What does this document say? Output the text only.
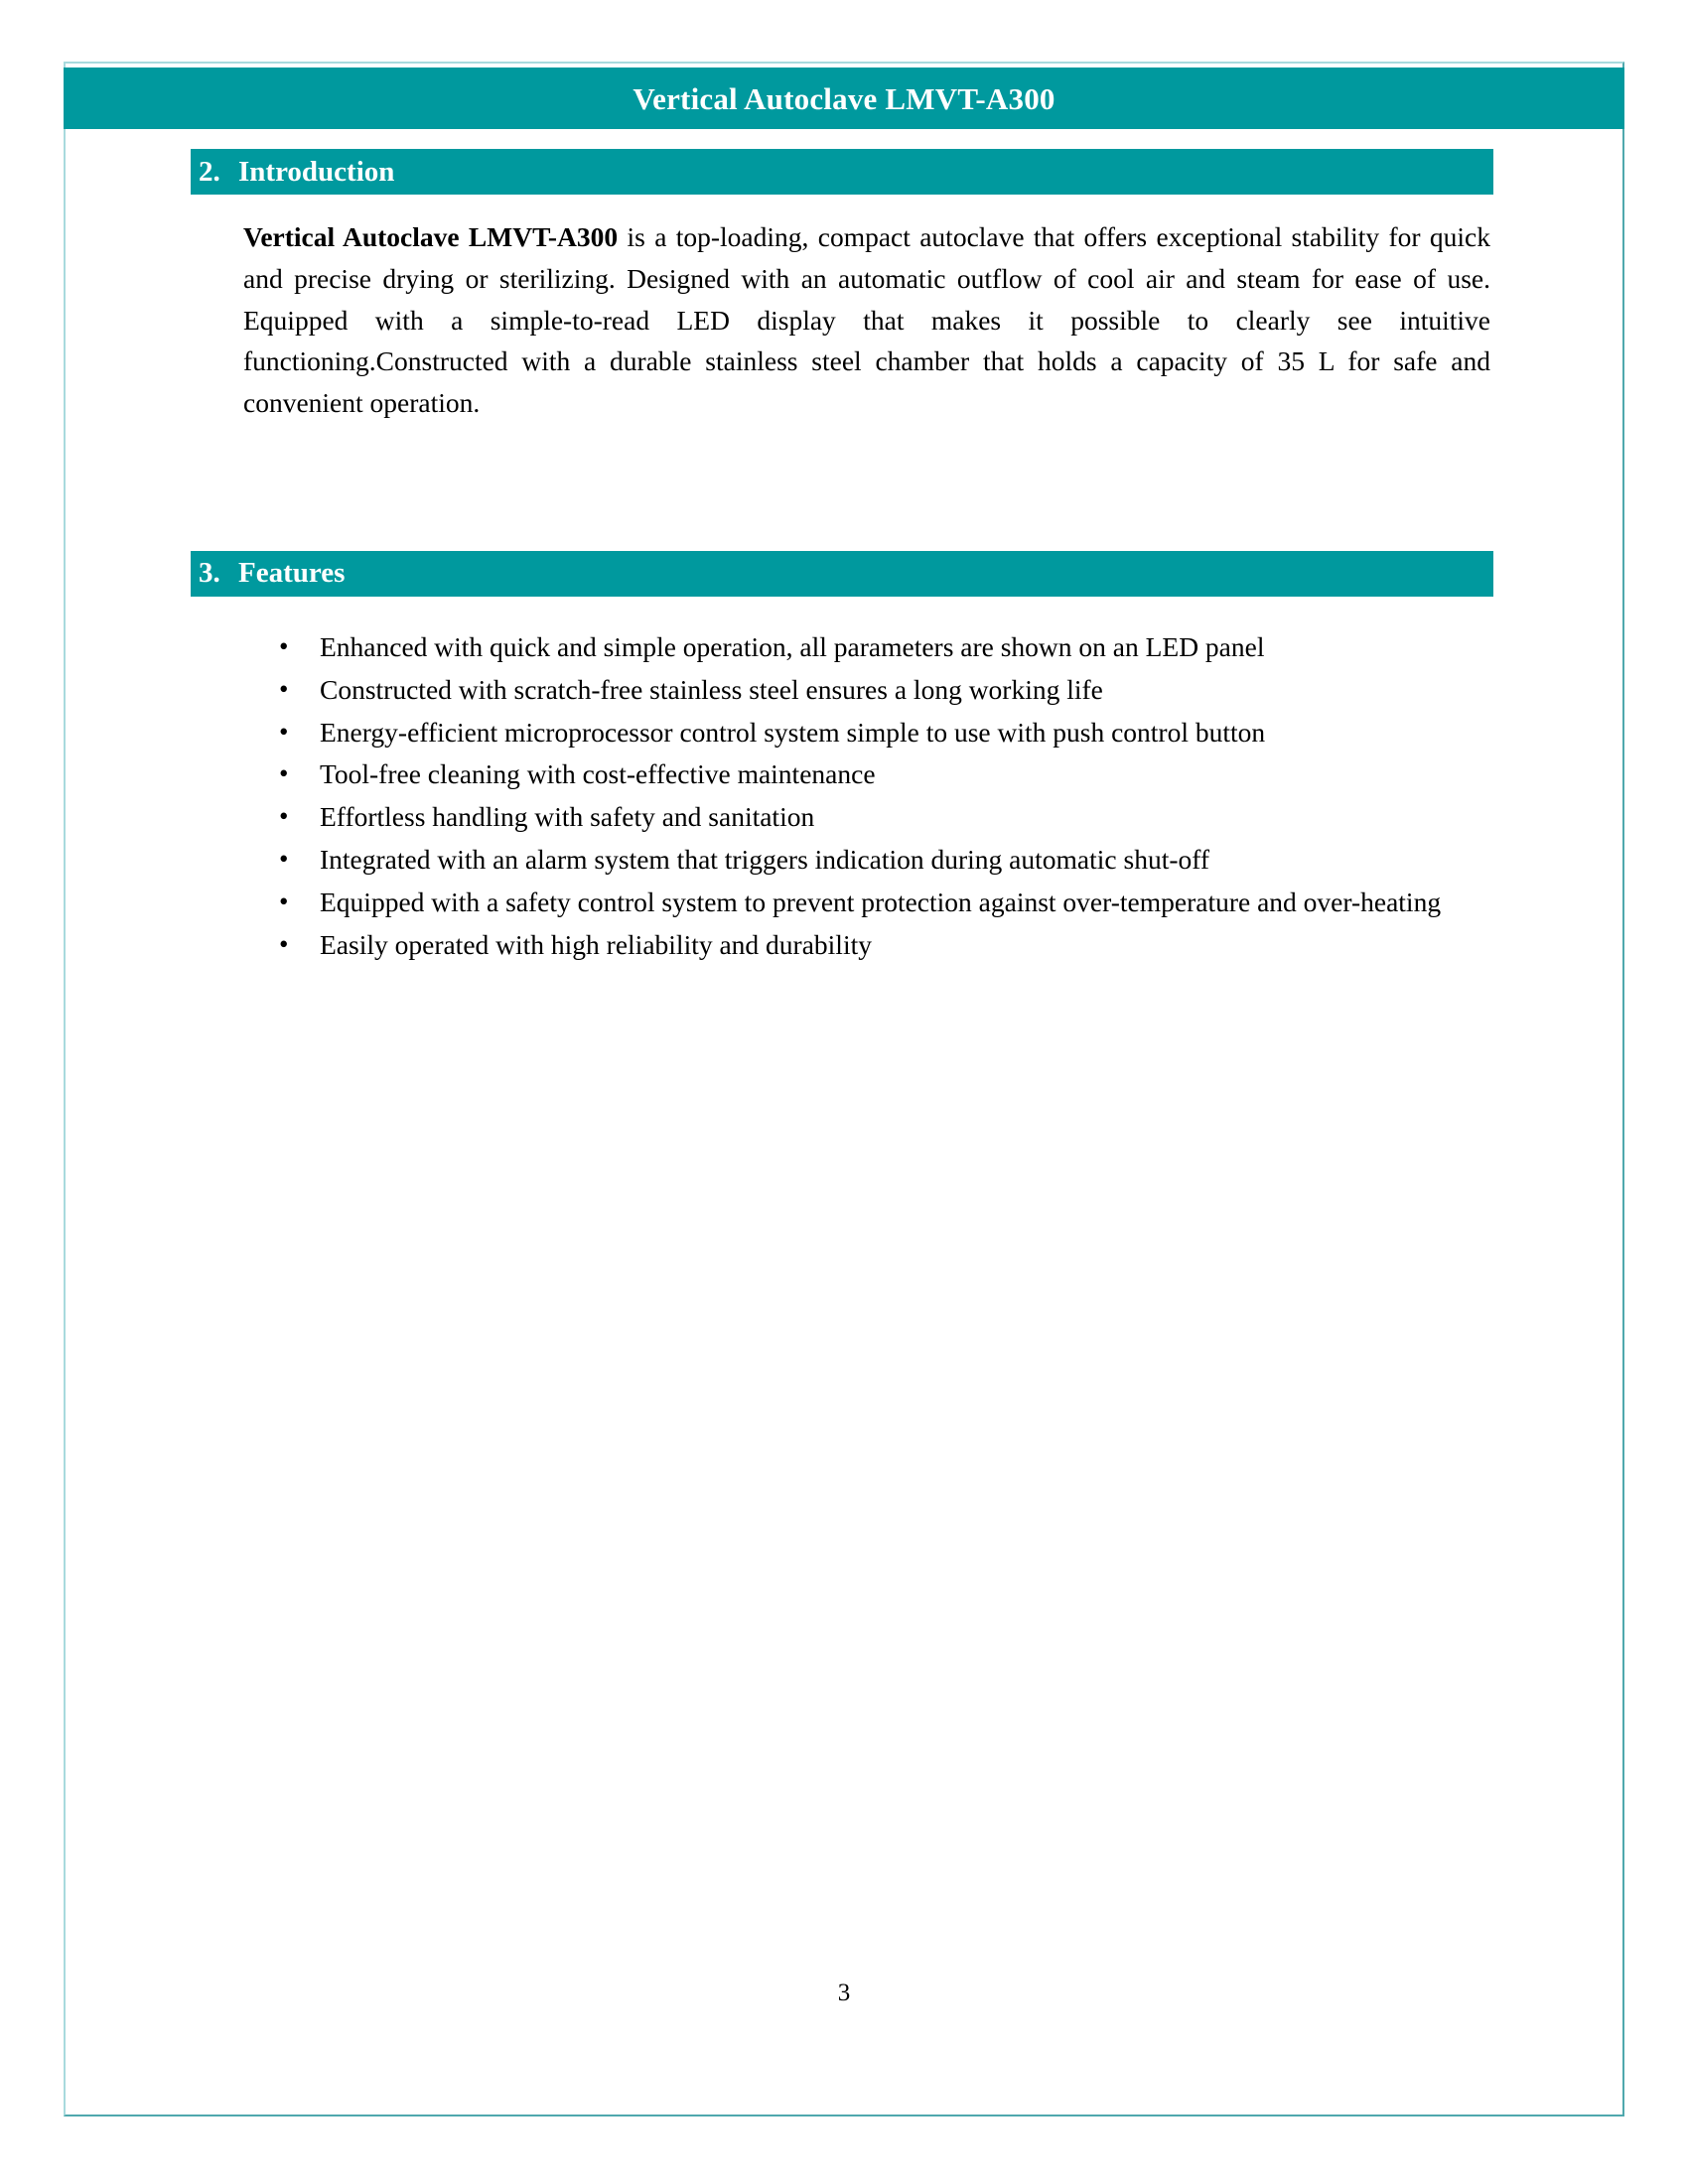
Vertical Autoclave LMVT-A300
2. Introduction

Vertical Autoclave LMVT-A300 is a top-loading, compact autoclave that offers exceptional stability for quick and precise drying or sterilizing. Designed with an automatic outflow of cool air and steam for ease of use. Equipped with a simple-to-read LED display that makes it possible to clearly see intuitive functioning.Constructed with a durable stainless steel chamber that holds a capacity of 35 L for safe and convenient operation.

3. Features
• Enhanced with quick and simple operation, all parameters are shown on an LED panel
• Constructed with scratch-free stainless steel ensures a long working life
• Energy-efficient microprocessor control system simple to use with push control button
• Tool-free cleaning with cost-effective maintenance
• Effortless handling with safety and sanitation
• Integrated with an alarm system that triggers indication during automatic shut-off
• Equipped with a safety control system to prevent protection against over-temperature and over-heating
• Easily operated with high reliability and durability
3
